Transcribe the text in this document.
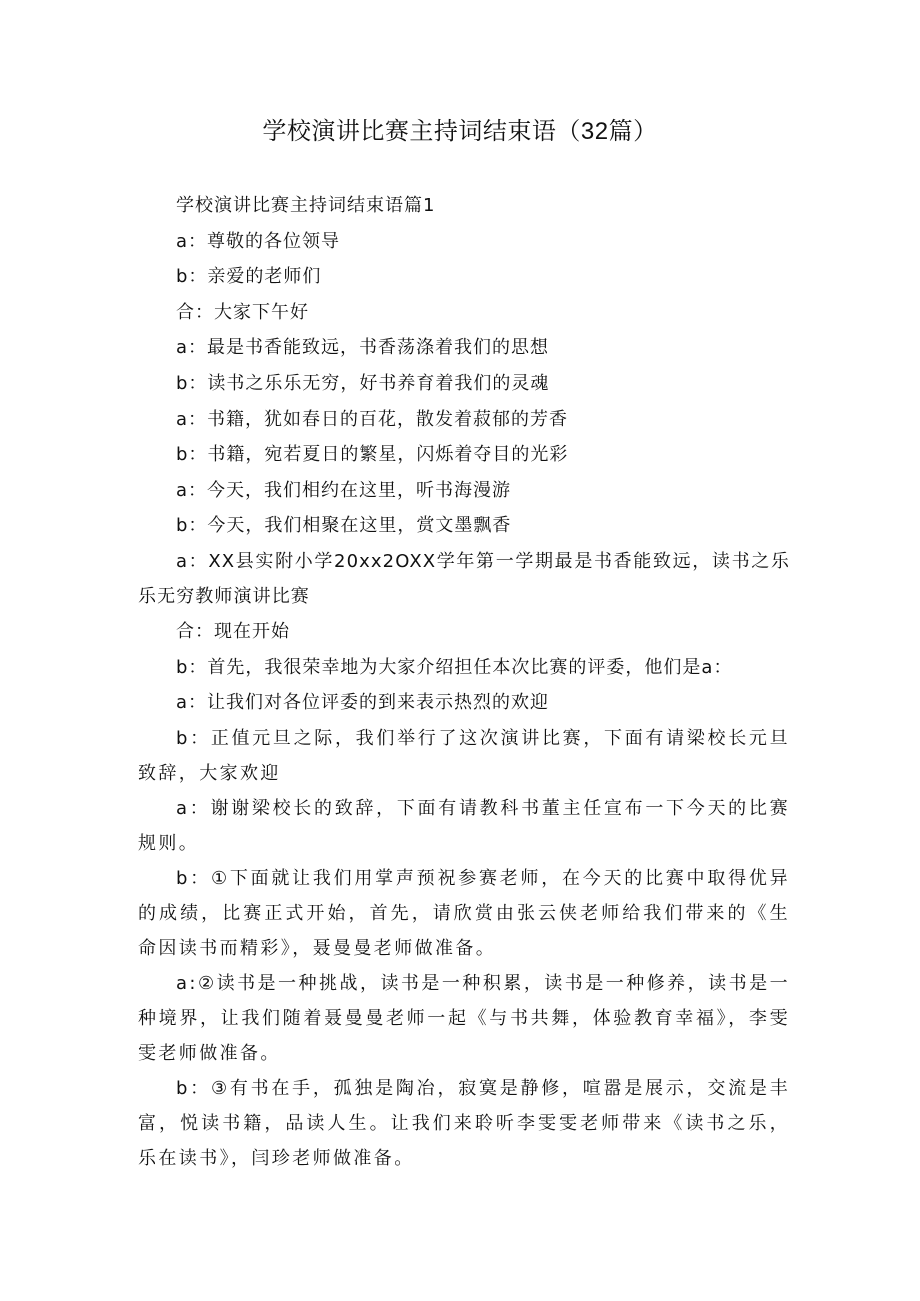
学校演讲比赛主持词结束语（32篇）

学校演讲比赛主持词结束语篇1

a：尊敬的各位领导

b：亲爱的老师们

合：大家下午好

a：最是书香能致远，书香荡涤着我们的思想

b：读书之乐乐无穷，好书养育着我们的灵魂

a：书籍，犹如春日的百花，散发着菽郁的芳香

b：书籍，宛若夏日的繁星，闪烁着夺目的光彩

a：今天，我们相约在这里，听书海漫游

b：今天，我们相聚在这里，赏文墨飘香

a：XX县实附小学20xx2OXX学年第一学期最是书香能致远，读书之乐乐无穷教师演讲比赛

合：现在开始

b：首先，我很荣幸地为大家介绍担任本次比赛的评委，他们是a：

a：让我们对各位评委的到来表示热烈的欢迎

b：正值元旦之际，我们举行了这次演讲比赛，下面有请梁校长元旦致辞，大家欢迎

a：谢谢梁校长的致辞，下面有请教科书董主任宣布一下今天的比赛规则。

b：①下面就让我们用掌声预祝参赛老师，在今天的比赛中取得优异的成绩，比赛正式开始，首先，请欣赏由张云侠老师给我们带来的《生命因读书而精彩》，聂曼曼老师做准备。

a:②读书是一种挑战，读书是一种积累，读书是一种修养，读书是一种境界，让我们随着聂曼曼老师一起《与书共舞，体验教育幸福》，李雯雯老师做准备。

b：③有书在手，孤独是陶冶，寂寞是静修，喧嚣是展示，交流是丰富，悦读书籍，品读人生。让我们来聆听李雯雯老师带来《读书之乐，乐在读书》，闫珍老师做准备。
